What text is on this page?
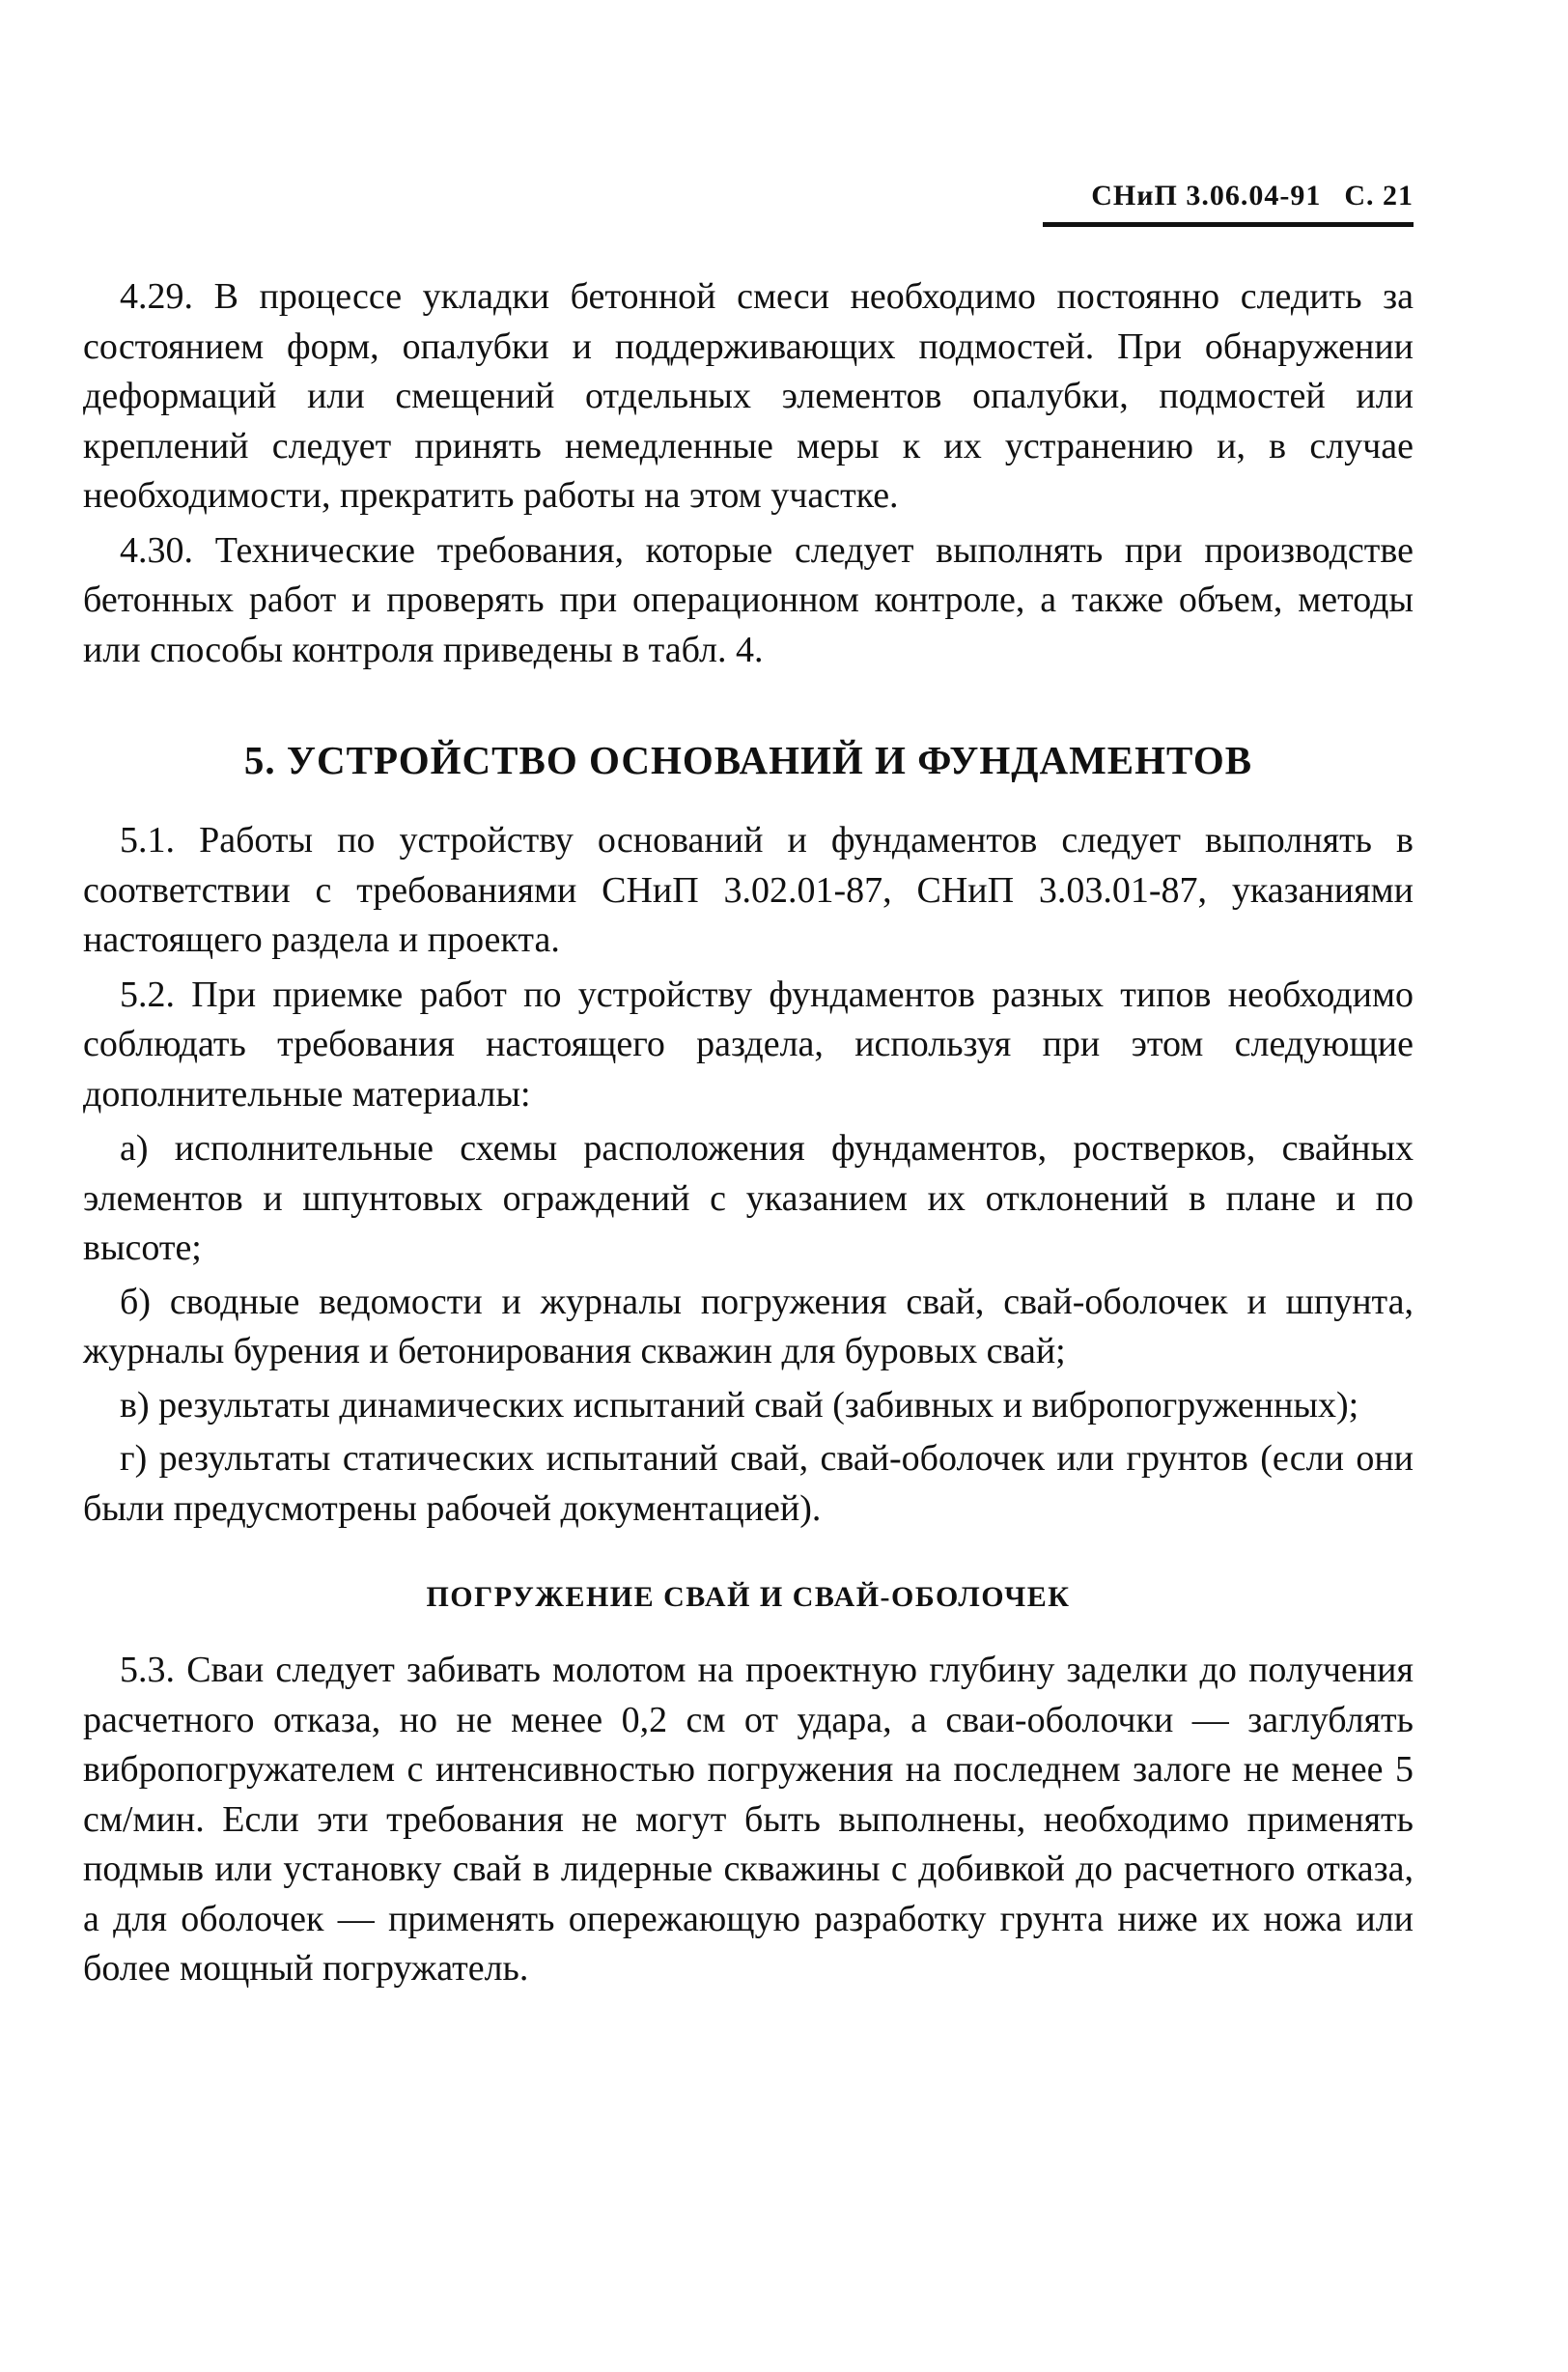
СНиП 3.06.04-91 С. 21

4.29. В процессе укладки бетонной смеси необходимо постоянно следить за состоянием форм, опалубки и поддерживающих подмостей. При обнаружении деформаций или смещений отдельных элементов опалубки, подмостей или креплений следует принять немедленные меры к их устранению и, в случае необходимости, прекратить работы на этом участке.

4.30. Технические требования, которые следует выполнять при производстве бетонных работ и проверять при операционном контроле, а также объем, методы или способы контроля приведены в табл. 4.

5. УСТРОЙСТВО ОСНОВАНИЙ И ФУНДАМЕНТОВ

5.1. Работы по устройству оснований и фундаментов следует выполнять в соответствии с требованиями СНиП 3.02.01-87, СНиП 3.03.01-87, указаниями настоящего раздела и проекта.

5.2. При приемке работ по устройству фундаментов разных типов необходимо соблюдать требования настоящего раздела, используя при этом следующие дополнительные материалы:

а) исполнительные схемы расположения фундаментов, ростверков, свайных элементов и шпунтовых ограждений с указанием их отклонений в плане и по высоте;

б) сводные ведомости и журналы погружения свай, свай-оболочек и шпунта, журналы бурения и бетонирования скважин для буровых свай;

в) результаты динамических испытаний свай (забивных и вибропогруженных);

г) результаты статических испытаний свай, свай-оболочек или грунтов (если они были предусмотрены рабочей документацией).

ПОГРУЖЕНИЕ СВАЙ И СВАЙ-ОБОЛОЧЕК

5.3. Сваи следует забивать молотом на проектную глубину заделки до получения расчетного отказа, но не менее 0,2 см от удара, а сваи-оболочки — заглублять вибропогружателем с интенсивностью погружения на последнем залоге не менее 5 см/мин. Если эти требования не могут быть выполнены, необходимо применять подмыв или установку свай в лидерные скважины с добивкой до расчетного отказа, а для оболочек — применять опережающую разработку грунта ниже их ножа или более мощный погружатель.
